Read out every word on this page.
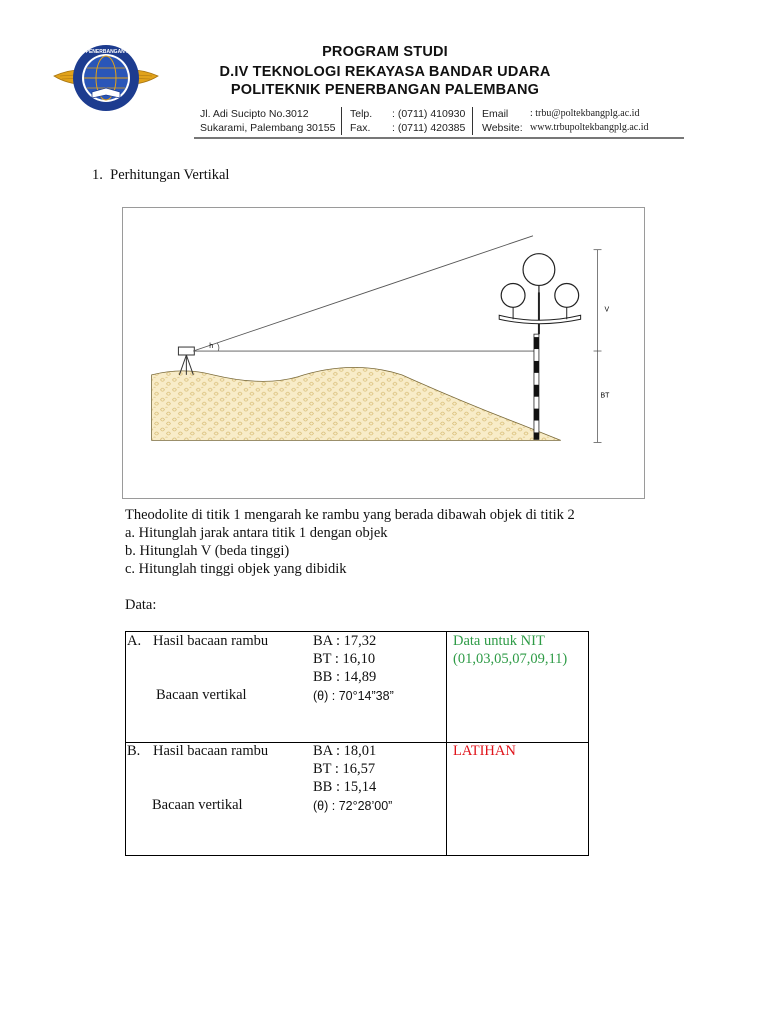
POLITEKNIK PENERBANGAN PALEMBANG	PROGRAM STUDI
D.IV TEKNOLOGI REKAYASA BANDAR UDARA
POLITEKNIK PENERBANGAN PALEMBANG
Jl. Adi Sucipto No.3012
Sukarami, Palembang 30155
Telp.
Fax.
: (0711) 410930
: (0711) 420385
Email
Website:
: trbu@poltekbangplg.ac.id
www.trbupoltekbangplg.ac.id
1. Perhitungan Vertikal
h
V
BT
Theodolite di titik 1 mengarah ke rambu yang berada dibawah objek di titik 2
a. Hitunglah jarak antara titik 1 dengan objek
b. Hitunglah V (beda tinggi)
c. Hitunglah tinggi objek yang dibidik
Data:
A. Hasil bacaan rambu
Bacaan vertikal
BA : 17,32
BT : 16,10
BB : 14,89
(θ) : 70°14”38”
Data untuk NIT
(01,03,05,07,09,11)
B. Hasil bacaan rambu
Bacaan vertikal
BA : 18,01
BT : 16,57
BB : 15,14
(θ) : 72°28’00”
LATIHAN
